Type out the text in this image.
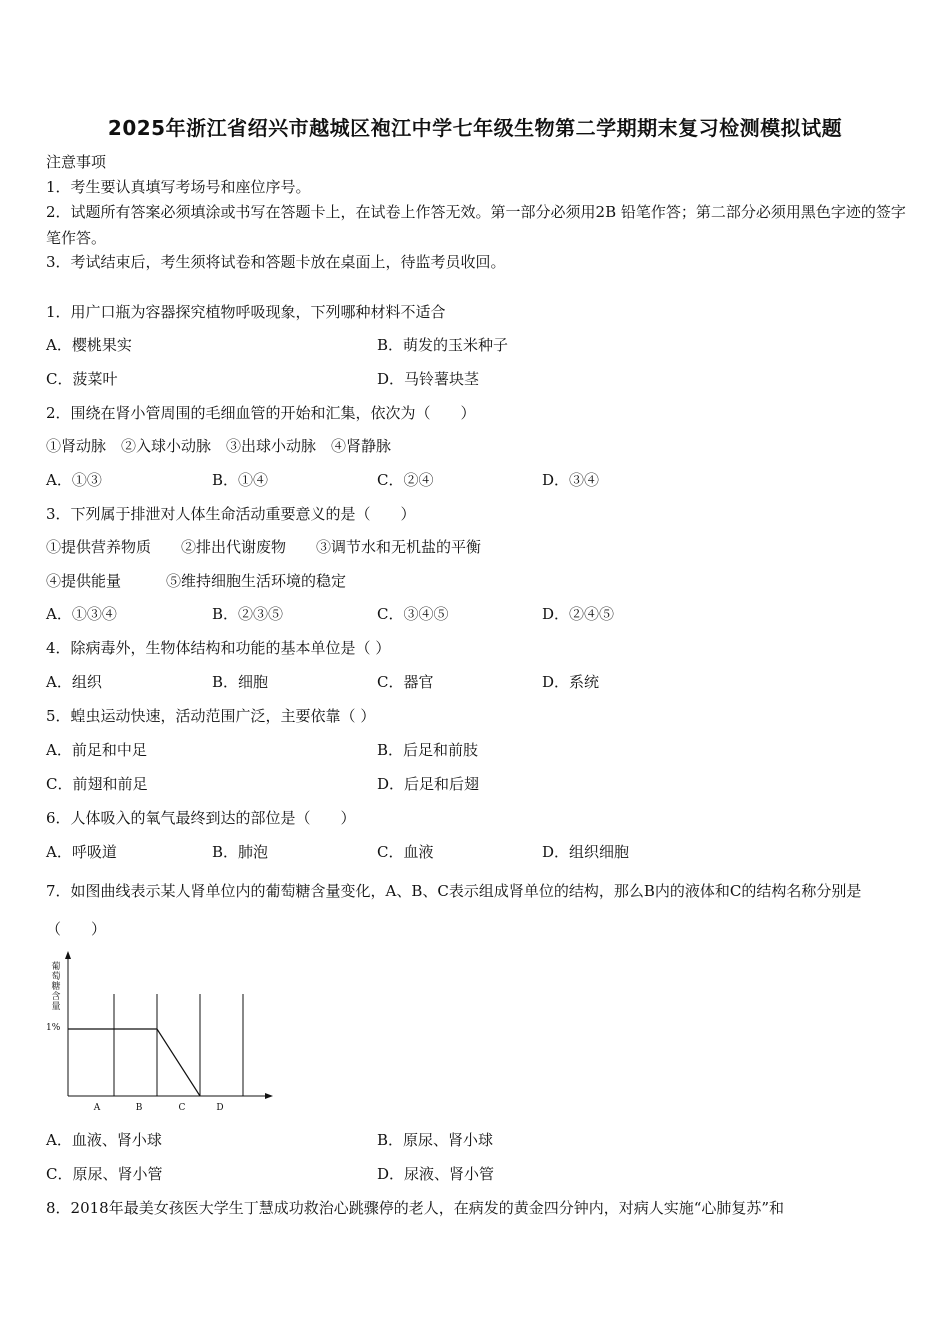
2025年浙江省绍兴市越城区袍江中学七年级生物第二学期期末复习检测模拟试题
注意事项
1．考生要认真填写考场号和座位序号。
2．试题所有答案必须填涂或书写在答题卡上，在试卷上作答无效。第一部分必须用2B 铅笔作答；第二部分必须用黑色字迹的签字笔作答。
3．考试结束后，考生须将试卷和答题卡放在桌面上，待监考员收回。
1．用广口瓶为容器探究植物呼吸现象，下列哪种材料不适合
A．樱桃果实	B．萌发的玉米种子
C．菠菜叶	D．马铃薯块茎
2．围绕在肾小管周围的毛细血管的开始和汇集，依次为（　　）
①肾动脉　②入球小动脉　③出球小动脉　④肾静脉
A．①③	B．①④	C．②④	D．③④
3．下列属于排泄对人体生命活动重要意义的是（　　）
①提供营养物质　　②排出代谢废物　　③调节水和无机盐的平衡
④提供能量　　　⑤维持细胞生活环境的稳定
A．①③④	B．②③⑤	C．③④⑤	D．②④⑤
4．除病毒外，生物体结构和功能的基本单位是（ ）
A．组织	B．细胞	C．器官	D．系统
5．蝗虫运动快速，活动范围广泛，主要依靠（ ）
A．前足和中足	B．后足和前肢
C．前翅和前足	D．后足和后翅
6．人体吸入的氧气最终到达的部位是（　　）
A．呼吸道	B．肺泡	C．血液	D．组织细胞
7．如图曲线表示某人肾单位内的葡萄糖含量变化，A、B、C表示组成肾单位的结构，那么B内的液体和C的结构名称分别是（　　）
葡
萄
糖
含
量
1%
A	B	C	D
A．血液、肾小球	B．原尿、肾小球
C．原尿、肾小管	D．尿液、肾小管
8．2018年最美女孩医大学生丁慧成功救治心跳骤停的老人，在病发的黄金四分钟内，对病人实施“心肺复苏”和
